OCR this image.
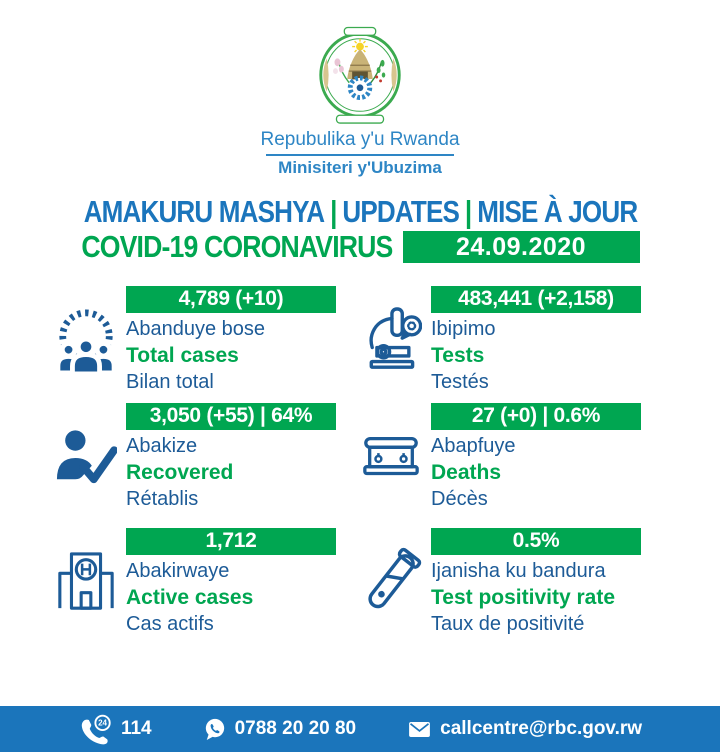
Repubulika y'u Rwanda
Minisiteri y'Ubuzima
AMAKURU MASHYA | UPDATES | MISE À JOUR
COVID-19 CORONAVIRUS	24.09.2020
4,789 (+10)
Abanduye bose
Total cases
Bilan total
483,441 (+2,158)
Ibipimo
Tests
Testés
3,050 (+55) | 64%
Abakize
Recovered
Rétablis
27 (+0) | 0.6%
Abapfuye
Deaths
Décès
1,712
Abakirwaye
Active cases
Cas actifs
0.5%
Ijanisha ku bandura
Test positivity rate
Taux de positivité
24 114	0788 20 20 80	callcentre@rbc.gov.rw
